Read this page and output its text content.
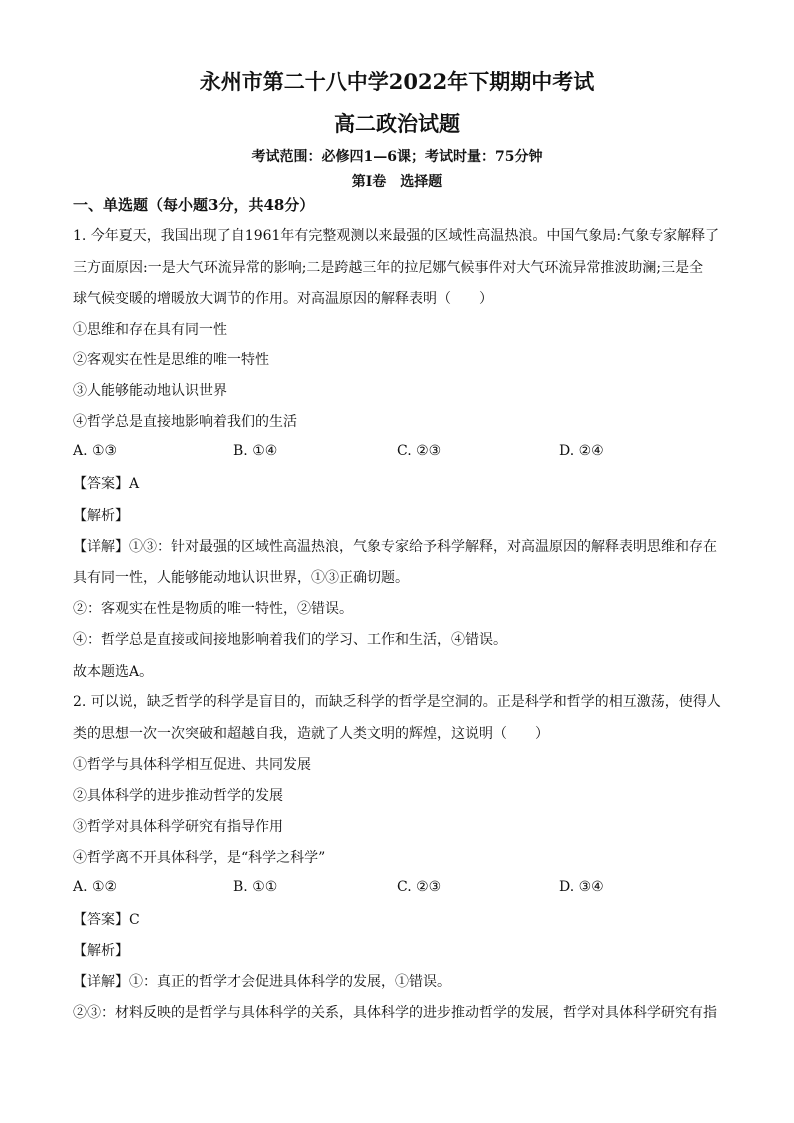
永州市第二十八中学2022年下期期中考试
高二政治试题
考试范围：必修四1—6课；考试时量：75分钟
第Ⅰ卷　选择题
一、单选题（每小题3分，共48分）
1. 今年夏天，我国出现了自1961年有完整观测以来最强的区域性高温热浪。中国气象局:气象专家解释了
三方面原因:一是大气环流异常的影响;二是跨越三年的拉尼娜气候事件对大气环流异常推波助澜;三是全
球气候变暖的增暖放大调节的作用。对高温原因的解释表明（　　）
①思维和存在具有同一性
②客观实在性是思维的唯一特性
③人能够能动地认识世界
④哲学总是直接地影响着我们的生活
A. ①③	B. ①④	C. ②③	D. ②④
【答案】A
【解析】
【详解】①③：针对最强的区域性高温热浪，气象专家给予科学解释，对高温原因的解释表明思维和存在
具有同一性，人能够能动地认识世界，①③正确切题。
②：客观实在性是物质的唯一特性，②错误。
④：哲学总是直接或间接地影响着我们的学习、工作和生活，④错误。
故本题选A。
2. 可以说，缺乏哲学的科学是盲目的，而缺乏科学的哲学是空洞的。正是科学和哲学的相互激荡，使得人
类的思想一次一次突破和超越自我，造就了人类文明的辉煌，这说明（　　）
①哲学与具体科学相互促进、共同发展
②具体科学的进步推动哲学的发展
③哲学对具体科学研究有指导作用
④哲学离不开具体科学，是“科学之科学”
A. ①②	B. ①①	C. ②③	D. ③④
【答案】C
【解析】
【详解】①：真正的哲学才会促进具体科学的发展，①错误。
②③：材料反映的是哲学与具体科学的关系，具体科学的进步推动哲学的发展，哲学对具体科学研究有指
